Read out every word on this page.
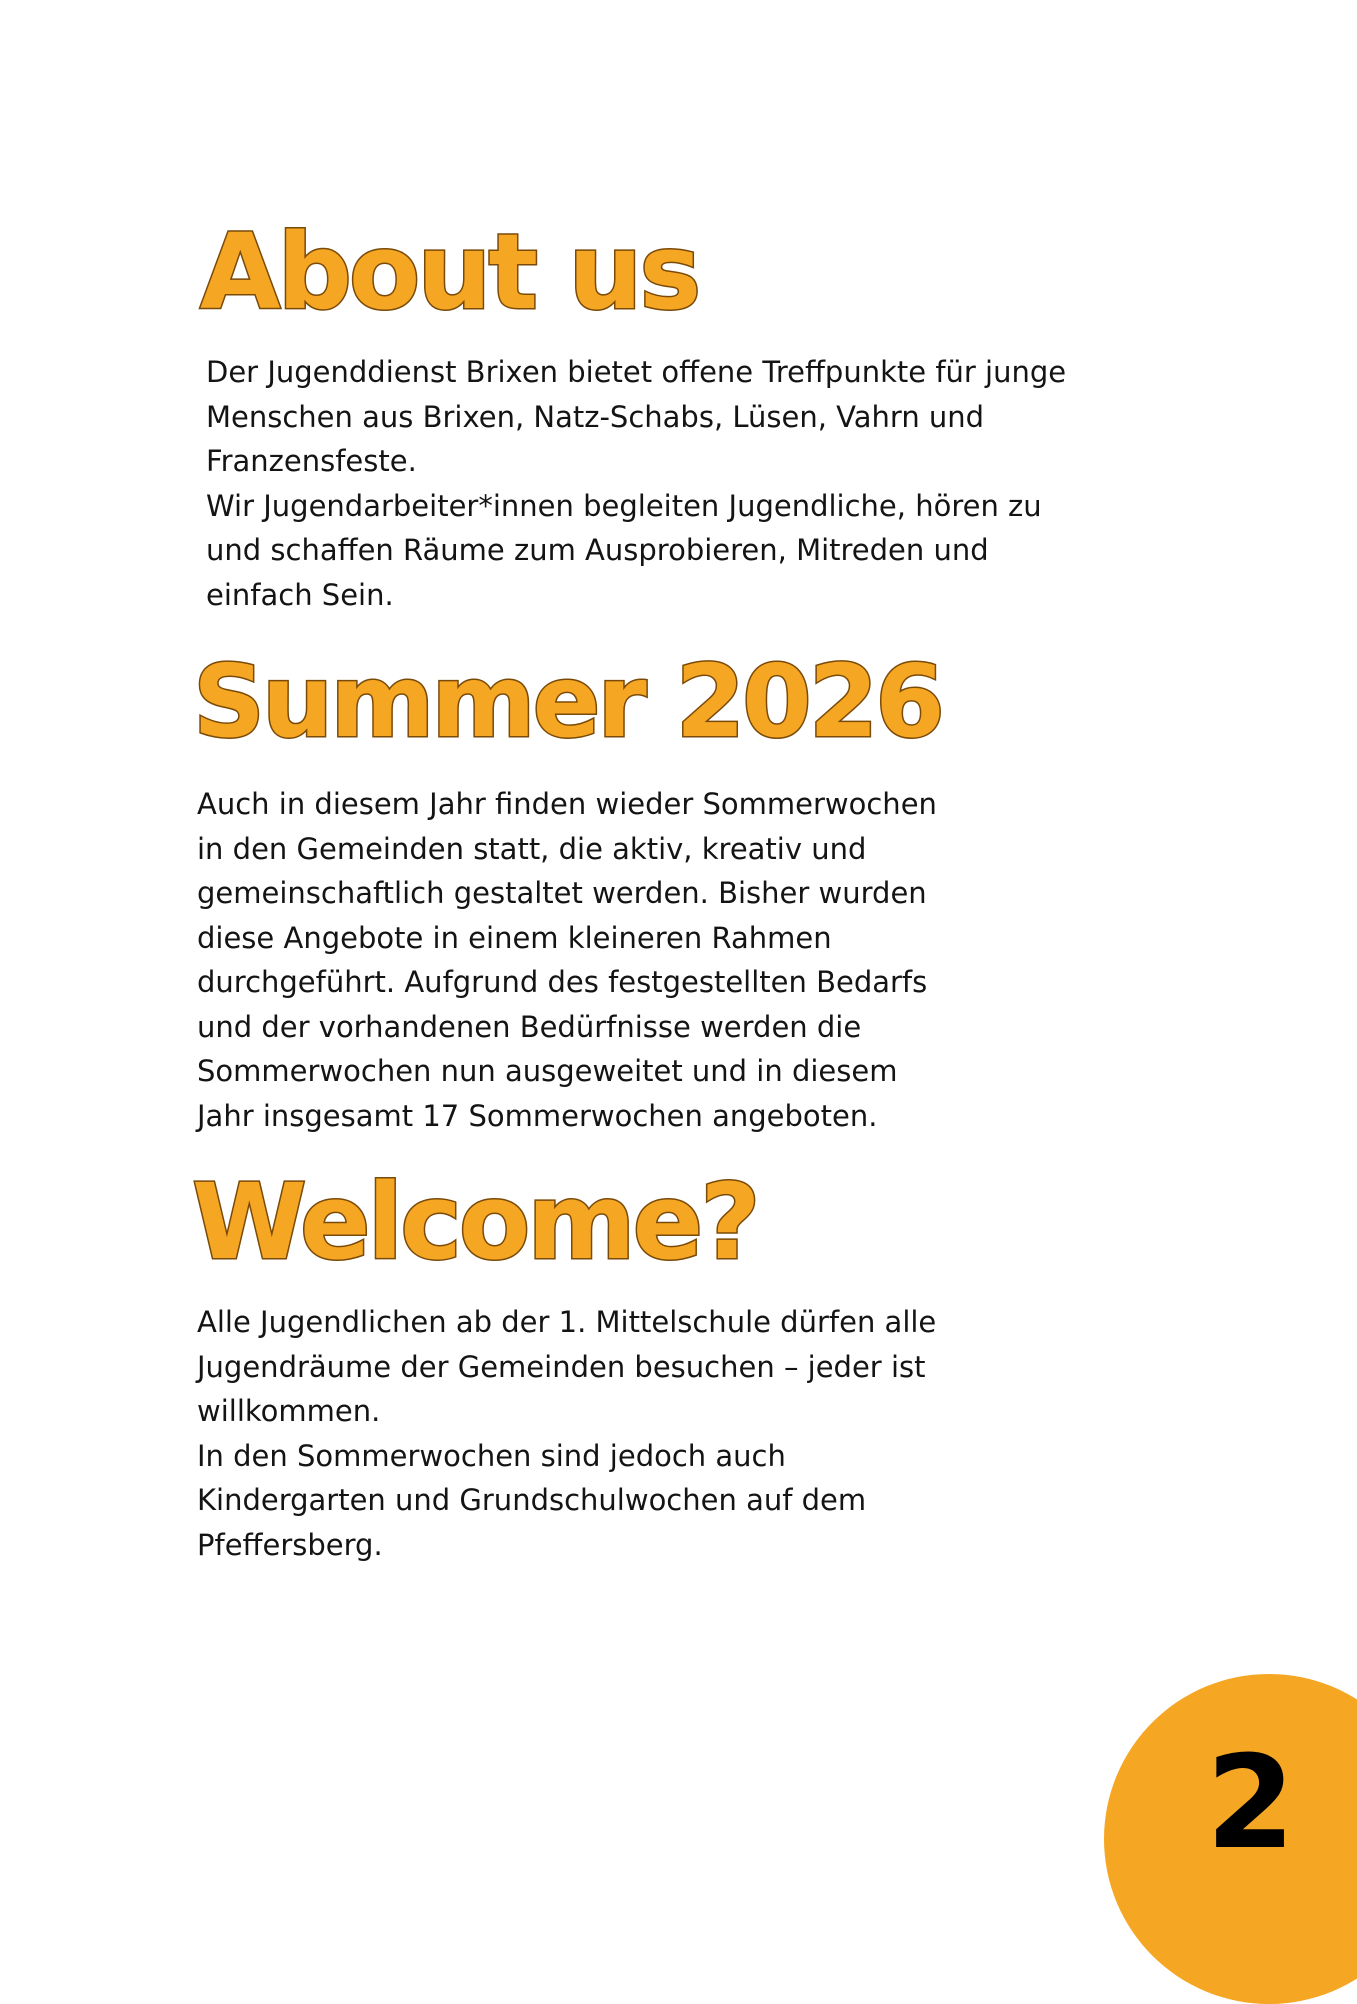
About us
Der Jugenddienst Brixen bietet offene Treffpunkte für junge
Menschen aus Brixen, Natz-Schabs, Lüsen, Vahrn und
Franzensfeste.
Wir Jugendarbeiter*innen begleiten Jugendliche, hören zu
und schaffen Räume zum Ausprobieren, Mitreden und
einfach Sein.
Summer 2026
Auch in diesem Jahr finden wieder Sommerwochen
in den Gemeinden statt, die aktiv, kreativ und
gemeinschaftlich gestaltet werden. Bisher wurden
diese Angebote in einem kleineren Rahmen
durchgeführt. Aufgrund des festgestellten Bedarfs
und der vorhandenen Bedürfnisse werden die
Sommerwochen nun ausgeweitet und in diesem
Jahr insgesamt 17 Sommerwochen angeboten.
Welcome?
Alle Jugendlichen ab der 1. Mittelschule dürfen alle
Jugendräume der Gemeinden besuchen – jeder ist
willkommen.
In den Sommerwochen sind jedoch auch
Kindergarten und Grundschulwochen auf dem
Pfeffersberg.
2
